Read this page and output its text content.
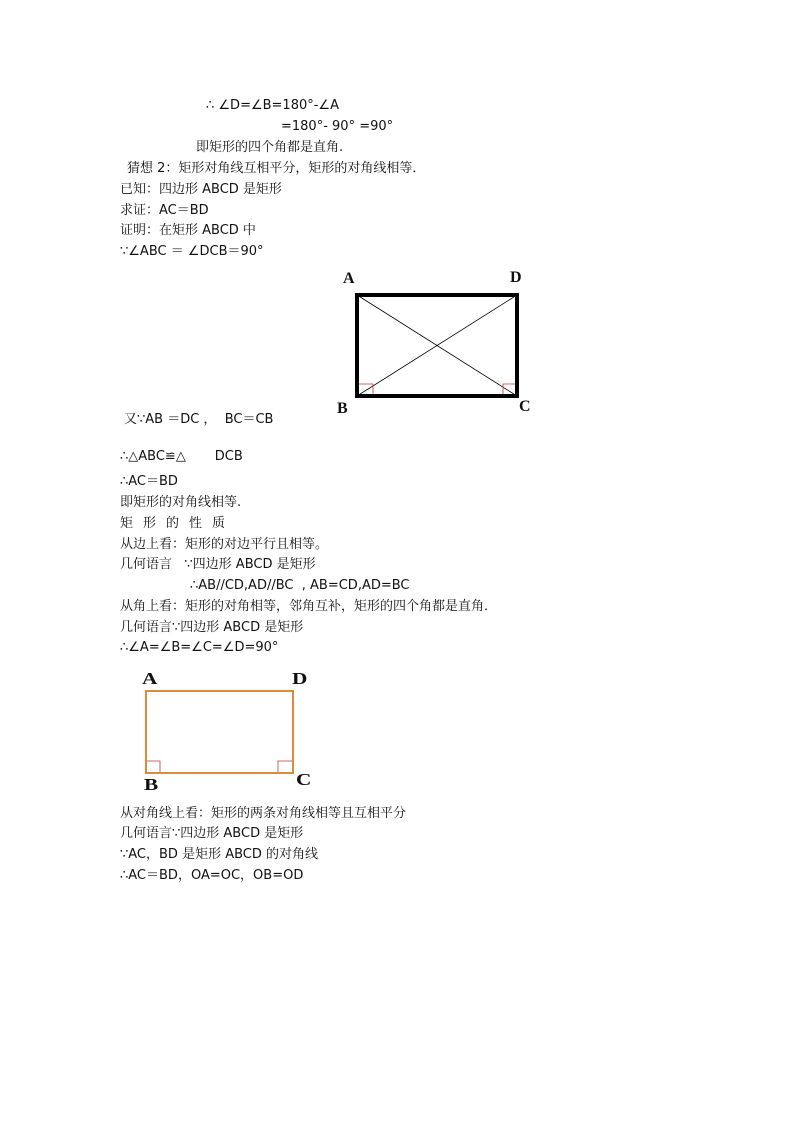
∴ ∠D=∠B=180°-∠A
=180°- 90° =90°
即矩形的四个角都是直角.
猜想 2：矩形对角线互相平分，矩形的对角线相等．
已知：四边形 ABCD 是矩形
求证：AC＝BD
证明：在矩形 ABCD 中
∵∠ABC ＝ ∠DCB＝90°
A	D
B	C
又∵AB ＝DC ，  BC＝CB
∴△ABC≌△       DCB
∴AC＝BD
即矩形的对角线相等.
矩形的性质
从边上看：矩形的对边平行且相等。
几何语言   ∵四边形 ABCD 是矩形
∴AB//CD,AD//BC  , AB=CD,AD=BC
从角上看：矩形的对角相等，邻角互补，矩形的四个角都是直角．
几何语言∵四边形 ABCD 是矩形
∴∠A=∠B=∠C=∠D=90°
A	D
B	C
从对角线上看：矩形的两条对角线相等且互相平分
几何语言∵四边形 ABCD 是矩形
∵AC，BD 是矩形 ABCD 的对角线
∴AC＝BD，OA=OC，OB=OD
